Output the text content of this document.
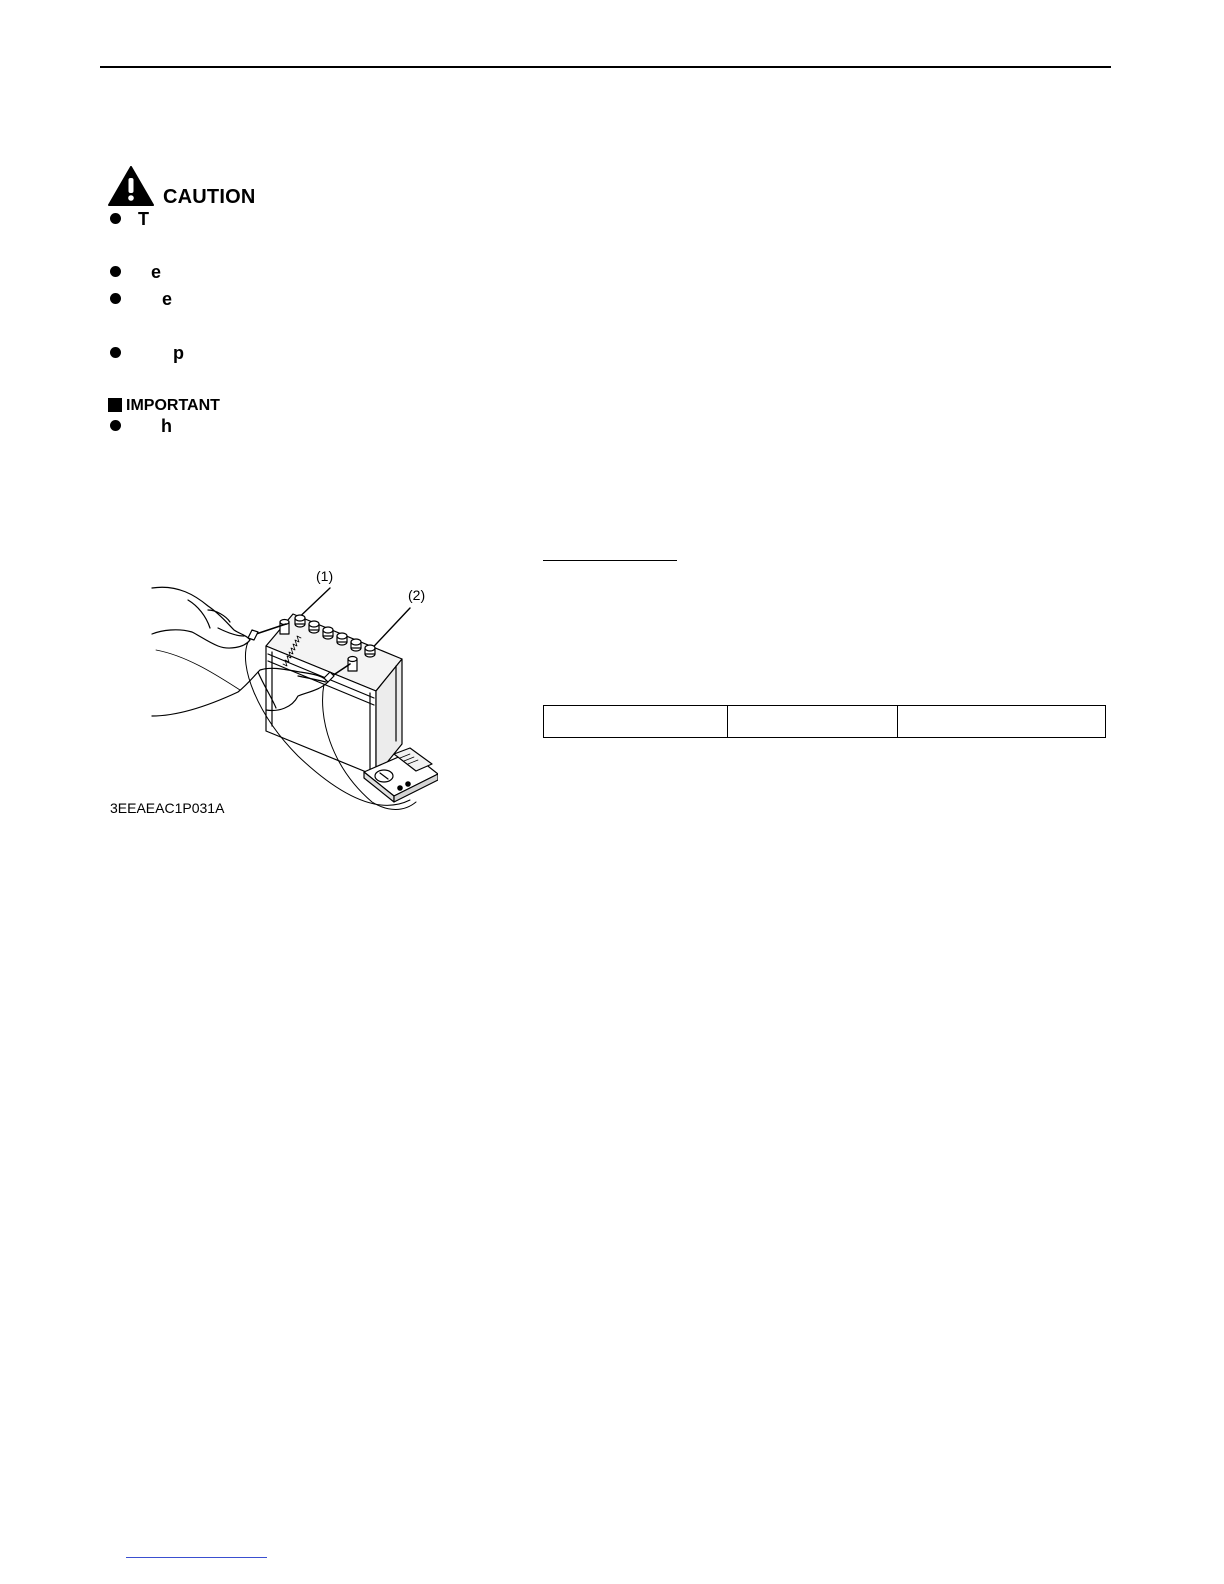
CAUTION
T
e
e
p
IMPORTANT
h
(1)
(2)
3EEAEAC1P031A
